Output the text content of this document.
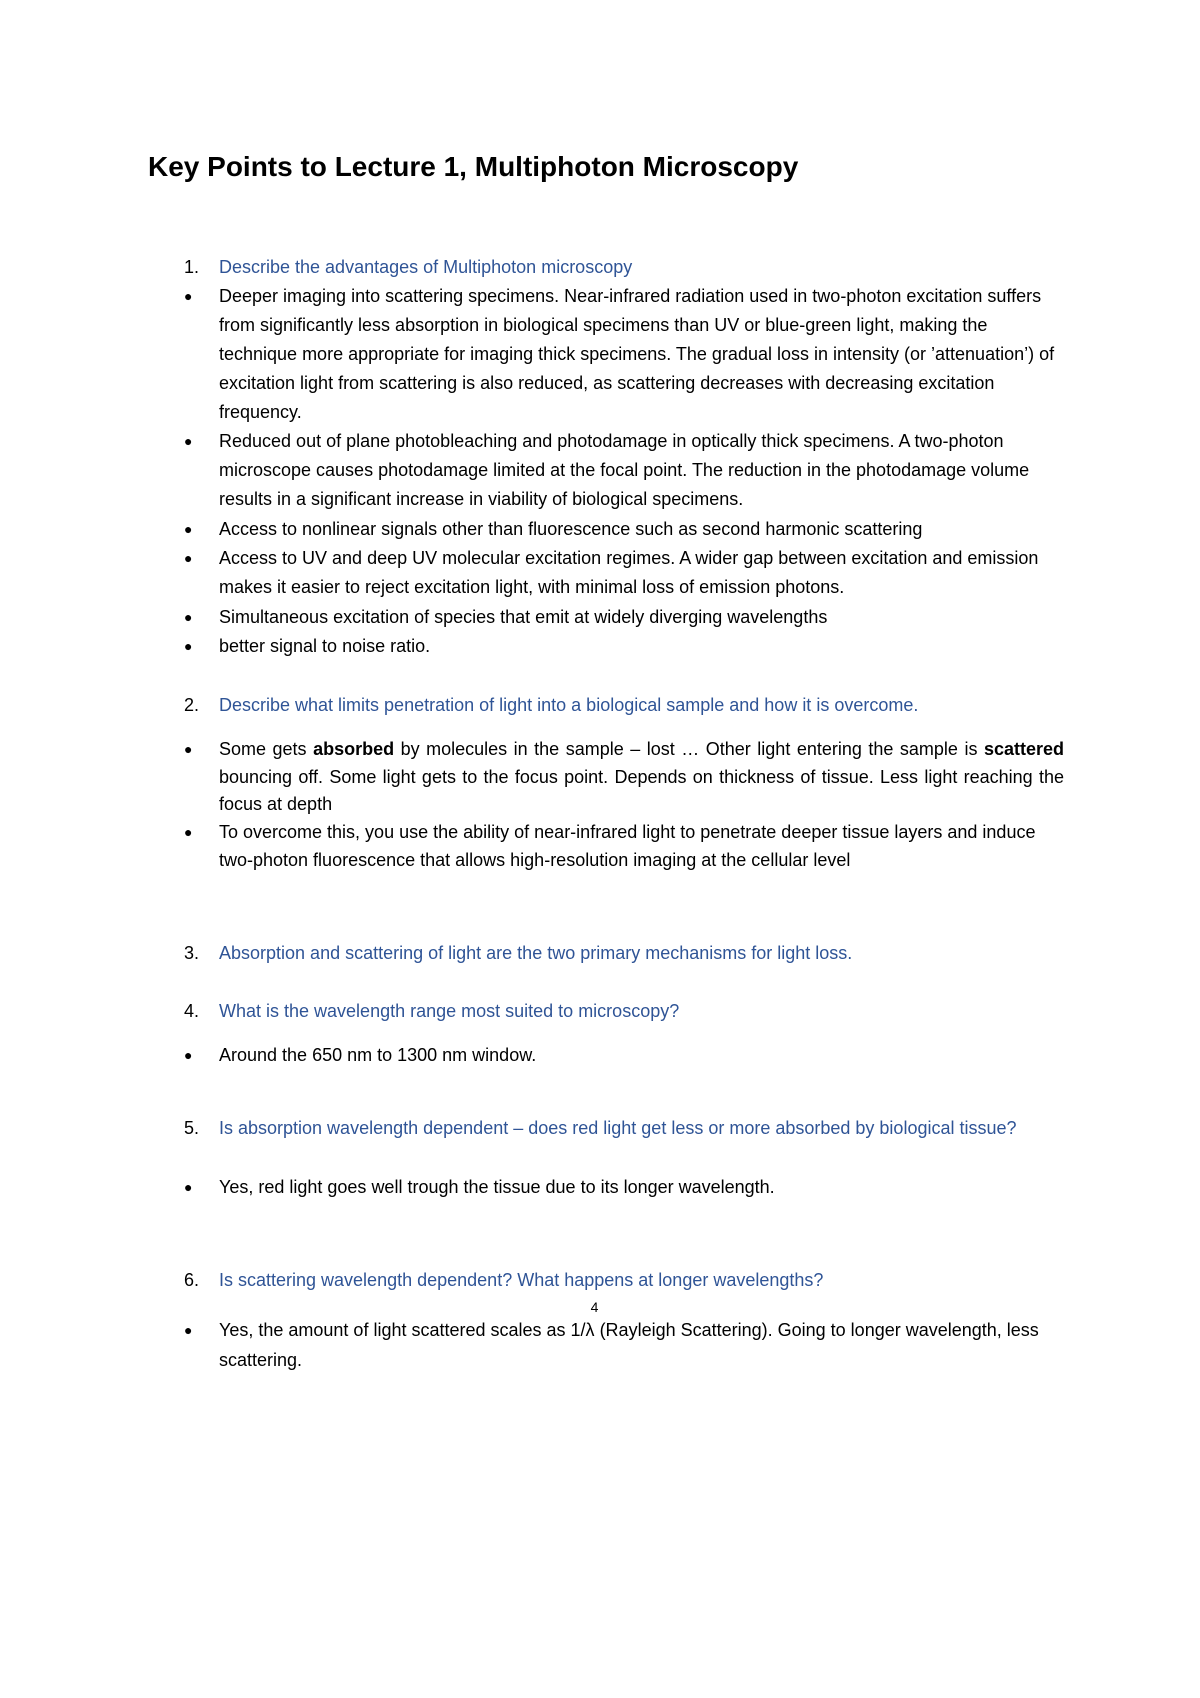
Key Points to Lecture 1, Multiphoton Microscopy
1.	Describe the advantages of Multiphoton microscopy
●	Deeper imaging into scattering specimens. Near-infrared radiation used in two-photon excitation suffers from significantly less absorption in biological specimens than UV or blue-green light, making the technique more appropriate for imaging thick specimens. The gradual loss in intensity (or ’attenuation’) of excitation light from scattering is also reduced, as scattering decreases with decreasing excitation frequency.
●	Reduced out of plane photobleaching and photodamage in optically thick specimens. A two-photon microscope causes photodamage limited at the focal point. The reduction in the photodamage volume results in a significant increase in viability of biological specimens.
●	Access to nonlinear signals other than fluorescence such as second harmonic scattering
●	Access to UV and deep UV molecular excitation regimes. A wider gap between excitation and emission makes it easier to reject excitation light, with minimal loss of emission photons.
●	Simultaneous excitation of species that emit at widely diverging wavelengths
●	better signal to noise ratio.
2.	Describe what limits penetration of light into a biological sample and how it is overcome.
●	Some gets absorbed by molecules in the sample – lost … Other light entering the sample is scattered bouncing off. Some light gets to the focus point. Depends on thickness of tissue. Less light reaching the focus at depth
●	To overcome this, you use the ability of near-infrared light to penetrate deeper tissue layers and induce two-photon fluorescence that allows high-resolution imaging at the cellular level
3.	Absorption and scattering of light are the two primary mechanisms for light loss.
4.	What is the wavelength range most suited to microscopy?
●	Around the 650 nm to 1300 nm window.
5.	Is absorption wavelength dependent – does red light get less or more absorbed by biological tissue?
●	Yes, red light goes well trough the tissue due to its longer wavelength.
6.	Is scattering wavelength dependent? What happens at longer wavelengths?
●	Yes, the amount of light scattered scales as 1/λ4 (Rayleigh Scattering). Going to longer wavelength, less scattering.
